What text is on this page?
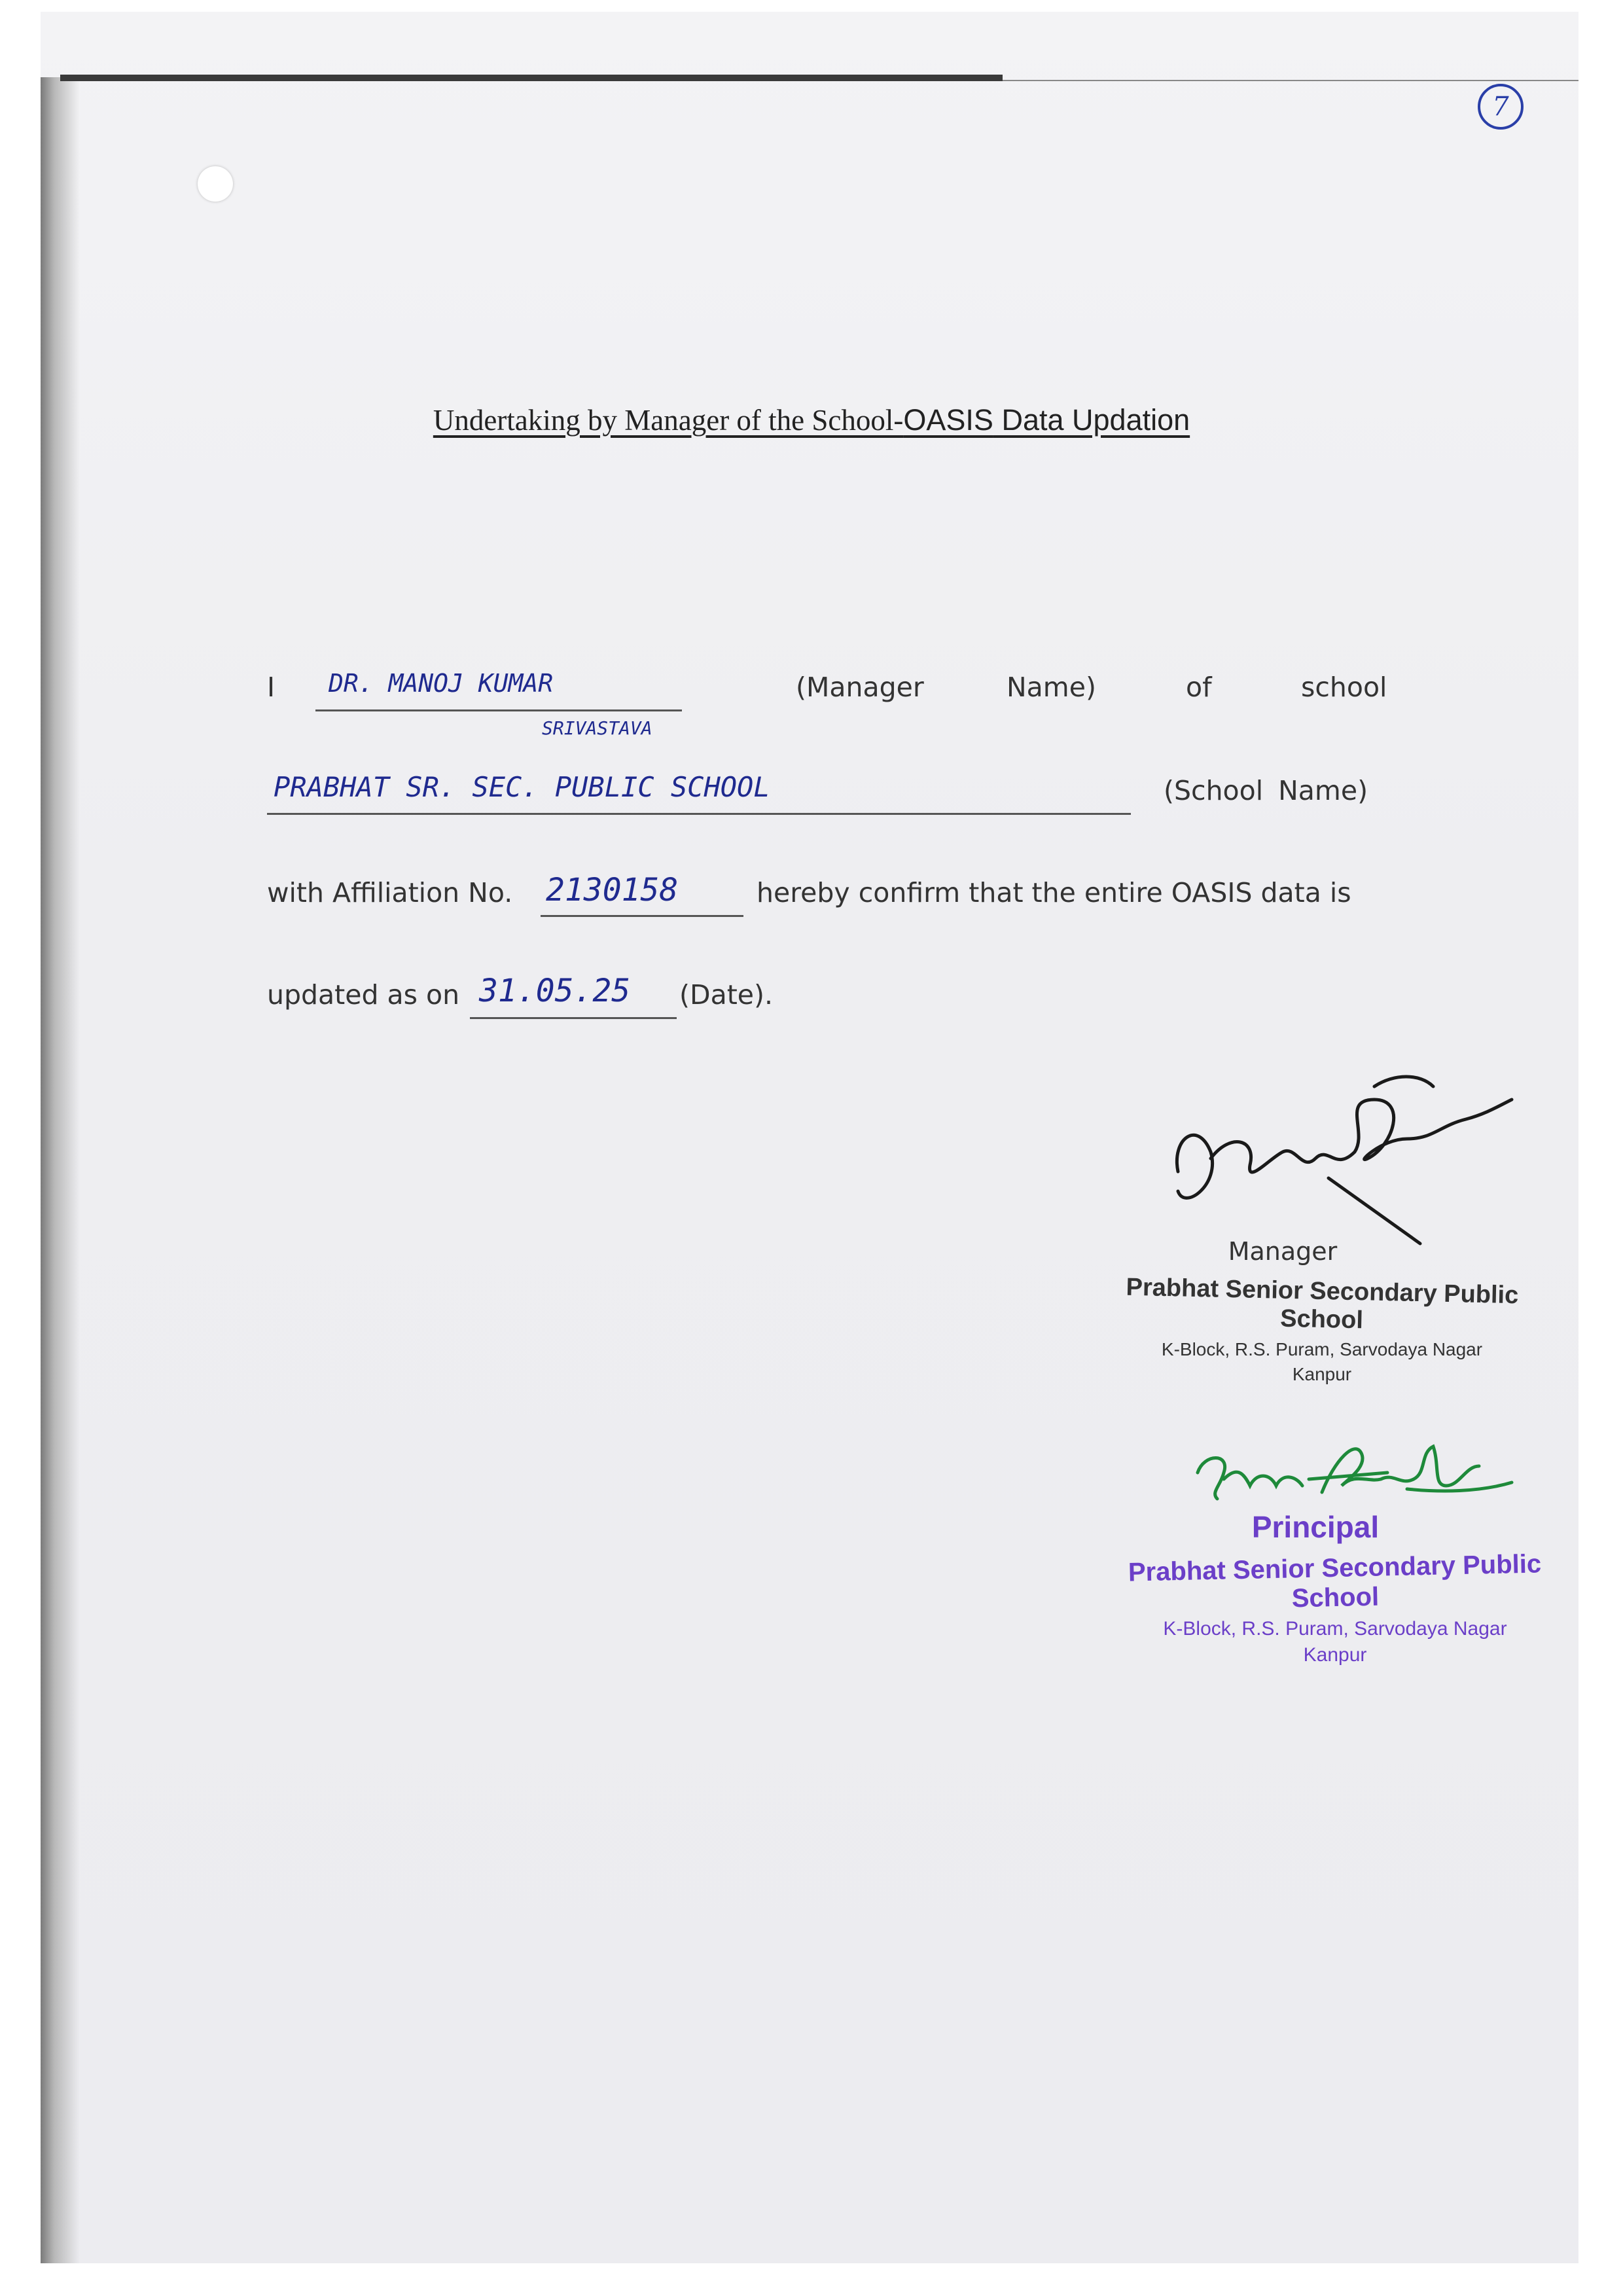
7
Undertaking by Manager of the School-OASIS Data Updation
I DR. MANOJ KUMAR
SRIVASTAVA
(Manager	Name)	of	school
PRABHAT SR. SEC. PUBLIC SCHOOL	(School Name)
with Affiliation No. 2130158	hereby confirm that the entire OASIS data is
updated as on 31.05.25 (Date).
Manager
Prabhat Senior Secondary Public School
K-Block, R.S. Puram, Sarvodaya Nagar
Kanpur
Principal
Prabhat Senior Secondary Public School
K-Block, R.S. Puram, Sarvodaya Nagar
Kanpur
